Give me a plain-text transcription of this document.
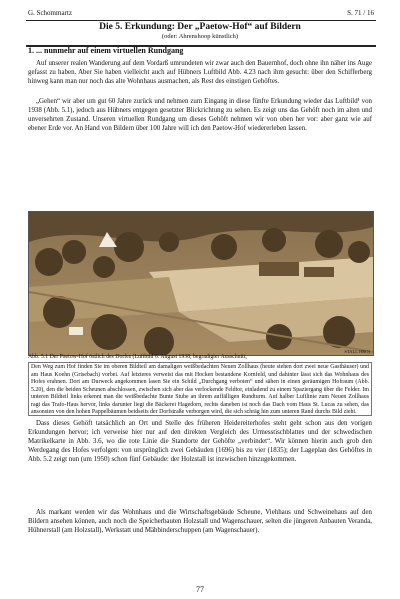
G. Schommartz	S. 71 / 16
Die 5. Erkundung: Der „Paetow-Hof“ auf Bildern
(oder: Ahrenshoop künstlich)
1. ... nunmehr auf einem virtuellen Rundgang
Auf unserer realen Wanderung auf dem Vordarß umrundeten wir zwar auch den Bauernhof, doch ohne ihn näher ins Auge gefasst zu haben. Aber Sie haben vielleicht auch auf Hübners Luftbild Abb. 4.23 nach ihm gesucht: über den Schifferberg hinweg kann man nur noch das alte Wohnhaus ausmachen, als Rest des einstigen Gehöftes.
„Gehen“ wir aber um gut 60 Jahre zurück und nehmen zum Eingang in diese fünfte Erkundung wieder das Luftbild¹ von 1938 (Abb. 5.1), jedoch aus Hübners entgegen gesetzter Blickrichtung zu sehen. Es zeigt uns das Gehöft noch im alten und unversehrten Zustand. Unseren virtuellen Rundgang um dieses Gehöft nehmen wir von oben her vor: aber ganz wie auf ebener Erde vor. An Hand von Bildern über 100 Jahre will ich den Paetow-Hof wiedererleben lassen.
Abb. 5.1 Der Paetow-Hof östlich des Dorfes (Luftbild 6. August 1938, begradigter Ausschnitt,
STALL HRO)
Den Weg zum Hof finden Sie im oberen Bildteil am damaligen weißbedachten Neuen Zollhaus (heute stehen dort zwei neue Gasthäuser) und am Haus Koehn (Grisebach) vorbei. Auf letzteres verweist das mit Hocken bestandene Kornfeld, und dahinter lässt sich das Wohnhaus des Hofes erahnen. Dort am Durweck angekommen lasen Sie ein Schild „Durchgang verboten“ und sähen in einen geräumigen Hofraum (Abb. 5.20), den die beiden Scheunen abschlossen, zwischen sich aber das verlockende Feldtor, einladend zu einem Spaziergang über die Felder. Im unteren Bildteil links erkennt man die weißbedachte Bunte Stube an ihrem auffälligen Rundturm. Auf halber Luftlinie zum Neuen Zollhaus ragt das Trafo-Haus hervor, links darunter liegt die Bäckerei Hagedorn, rechts daneben ist noch das Dach vom Haus St. Lucas zu sehen, das ansonsten von den hohen Pappelbäumen beidseits der Dorfstraße verborgen wird, die sich schräg hin zum unteren Rand durchs Bild zieht.
Dass dieses Gehöft tatsächlich an Ort und Stelle des früheren Heidereiterhofes steht geht schon aus den vorigen Erkundungen hervor; ich verweise hier nur auf den direkten Vergleich des Urmesstischblattes und der schwedischen Matrikelkarte in Abb. 3.6, wo die rote Linie die Standorte der Gehöfte „verbindet“. Wir können hierin auch grob den Werdegang des Hofes verfolgen: von ursprünglich zwei Gebäuden (1696) bis zu vier (1835); der Lageplan des Gehöftes in Abb. 5.2 zeigt nun (um 1950) schon fünf Gebäude: der Holzstall ist inzwischen hinzugekommen.
Als markant werden wir das Wohnhaus und die Wirtschaftsgebäude Scheune, Viehhaus und Schweinehaus auf den Bildern ansehen können, auch noch die Speicherbauten Holzstall und Wagenschauer, selten die jüngeren Anbauten Veranda, Hühnerstall (am Holzstall), Werkstatt und Mähbinderschuppen (am Wagenschauer).
77
